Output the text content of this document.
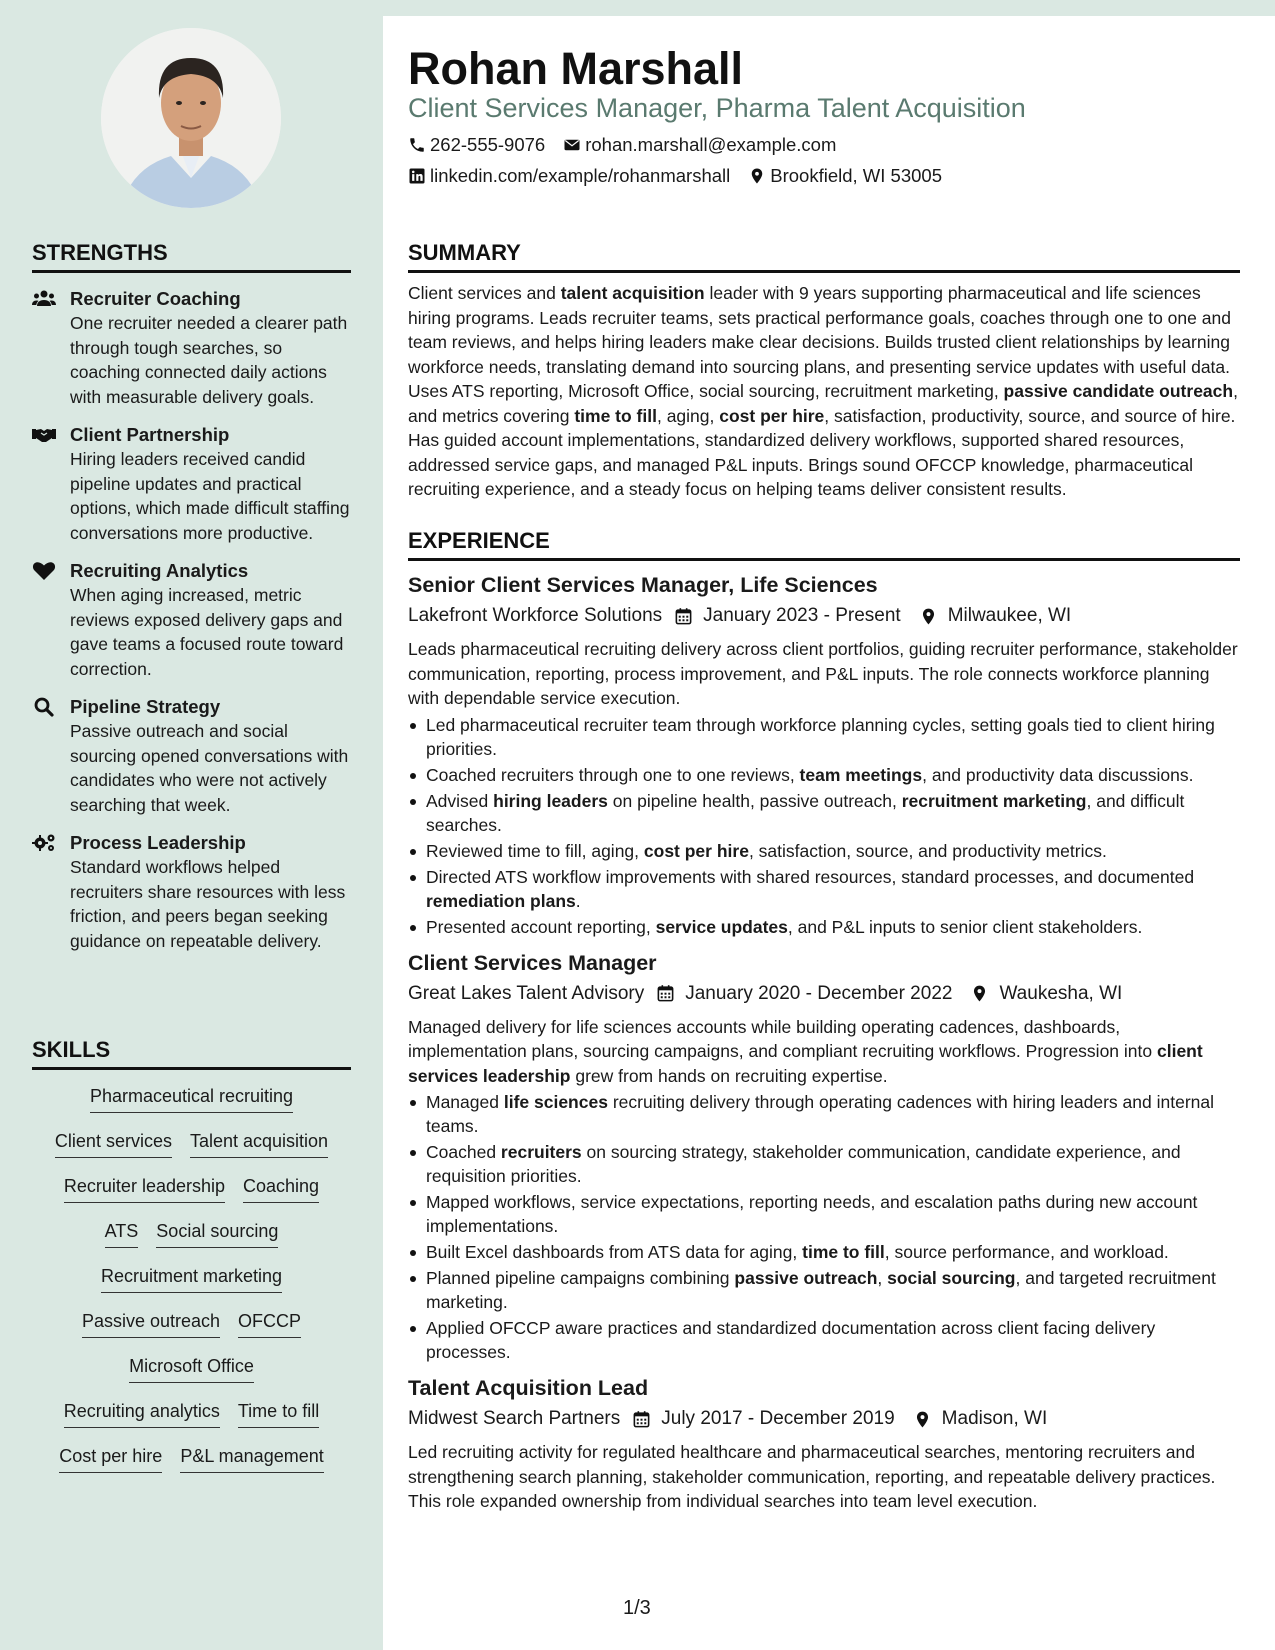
STRENGTHS
Recruiter Coaching
One recruiter needed a clearer path through tough searches, so coaching connected daily actions with measurable delivery goals.
Client Partnership
Hiring leaders received candid pipeline updates and practical options, which made difficult staffing conversations more productive.
Recruiting Analytics
When aging increased, metric reviews exposed delivery gaps and gave teams a focused route toward correction.
Pipeline Strategy
Passive outreach and social sourcing opened conversations with candidates who were not actively searching that week.
Process Leadership
Standard workflows helped recruiters share resources with less friction, and peers began seeking guidance on repeatable delivery.
SKILLS
Pharmaceutical recruiting
Client services Talent acquisition
Recruiter leadership Coaching
ATS Social sourcing
Recruitment marketing
Passive outreach OFCCP
Microsoft Office
Recruiting analytics Time to fill
Cost per hire P&L management
Rohan Marshall
Client Services Manager, Pharma Talent Acquisition
262-555-9076 rohan.marshall@example.com
linkedin.com/example/rohanmarshall Brookfield, WI 53005
SUMMARY
Client services and talent acquisition leader with 9 years supporting pharmaceutical and life sciences hiring programs. Leads recruiter teams, sets practical performance goals, coaches through one to one and team reviews, and helps hiring leaders make clear decisions. Builds trusted client relationships by learning workforce needs, translating demand into sourcing plans, and presenting service updates with useful data. Uses ATS reporting, Microsoft Office, social sourcing, recruitment marketing, passive candidate outreach, and metrics covering time to fill, aging, cost per hire, satisfaction, productivity, source, and source of hire. Has guided account implementations, standardized delivery workflows, supported shared resources, addressed service gaps, and managed P&L inputs. Brings sound OFCCP knowledge, pharmaceutical recruiting experience, and a steady focus on helping teams deliver consistent results.
EXPERIENCE
Senior Client Services Manager, Life Sciences
Lakefront Workforce Solutions January 2023 - Present Milwaukee, WI
Leads pharmaceutical recruiting delivery across client portfolios, guiding recruiter performance, stakeholder communication, reporting, process improvement, and P&L inputs. The role connects workforce planning with dependable service execution.
Led pharmaceutical recruiter team through workforce planning cycles, setting goals tied to client hiring priorities.
Coached recruiters through one to one reviews, team meetings, and productivity data discussions.
Advised hiring leaders on pipeline health, passive outreach, recruitment marketing, and difficult searches.
Reviewed time to fill, aging, cost per hire, satisfaction, source, and productivity metrics.
Directed ATS workflow improvements with shared resources, standard processes, and documented remediation plans.
Presented account reporting, service updates, and P&L inputs to senior client stakeholders.
Client Services Manager
Great Lakes Talent Advisory January 2020 - December 2022 Waukesha, WI
Managed delivery for life sciences accounts while building operating cadences, dashboards, implementation plans, sourcing campaigns, and compliant recruiting workflows. Progression into client services leadership grew from hands on recruiting expertise.
Managed life sciences recruiting delivery through operating cadences with hiring leaders and internal teams.
Coached recruiters on sourcing strategy, stakeholder communication, candidate experience, and requisition priorities.
Mapped workflows, service expectations, reporting needs, and escalation paths during new account implementations.
Built Excel dashboards from ATS data for aging, time to fill, source performance, and workload.
Planned pipeline campaigns combining passive outreach, social sourcing, and targeted recruitment marketing.
Applied OFCCP aware practices and standardized documentation across client facing delivery processes.
Talent Acquisition Lead
Midwest Search Partners July 2017 - December 2019 Madison, WI
Led recruiting activity for regulated healthcare and pharmaceutical searches, mentoring recruiters and strengthening search planning, stakeholder communication, reporting, and repeatable delivery practices. This role expanded ownership from individual searches into team level execution.
1/3
